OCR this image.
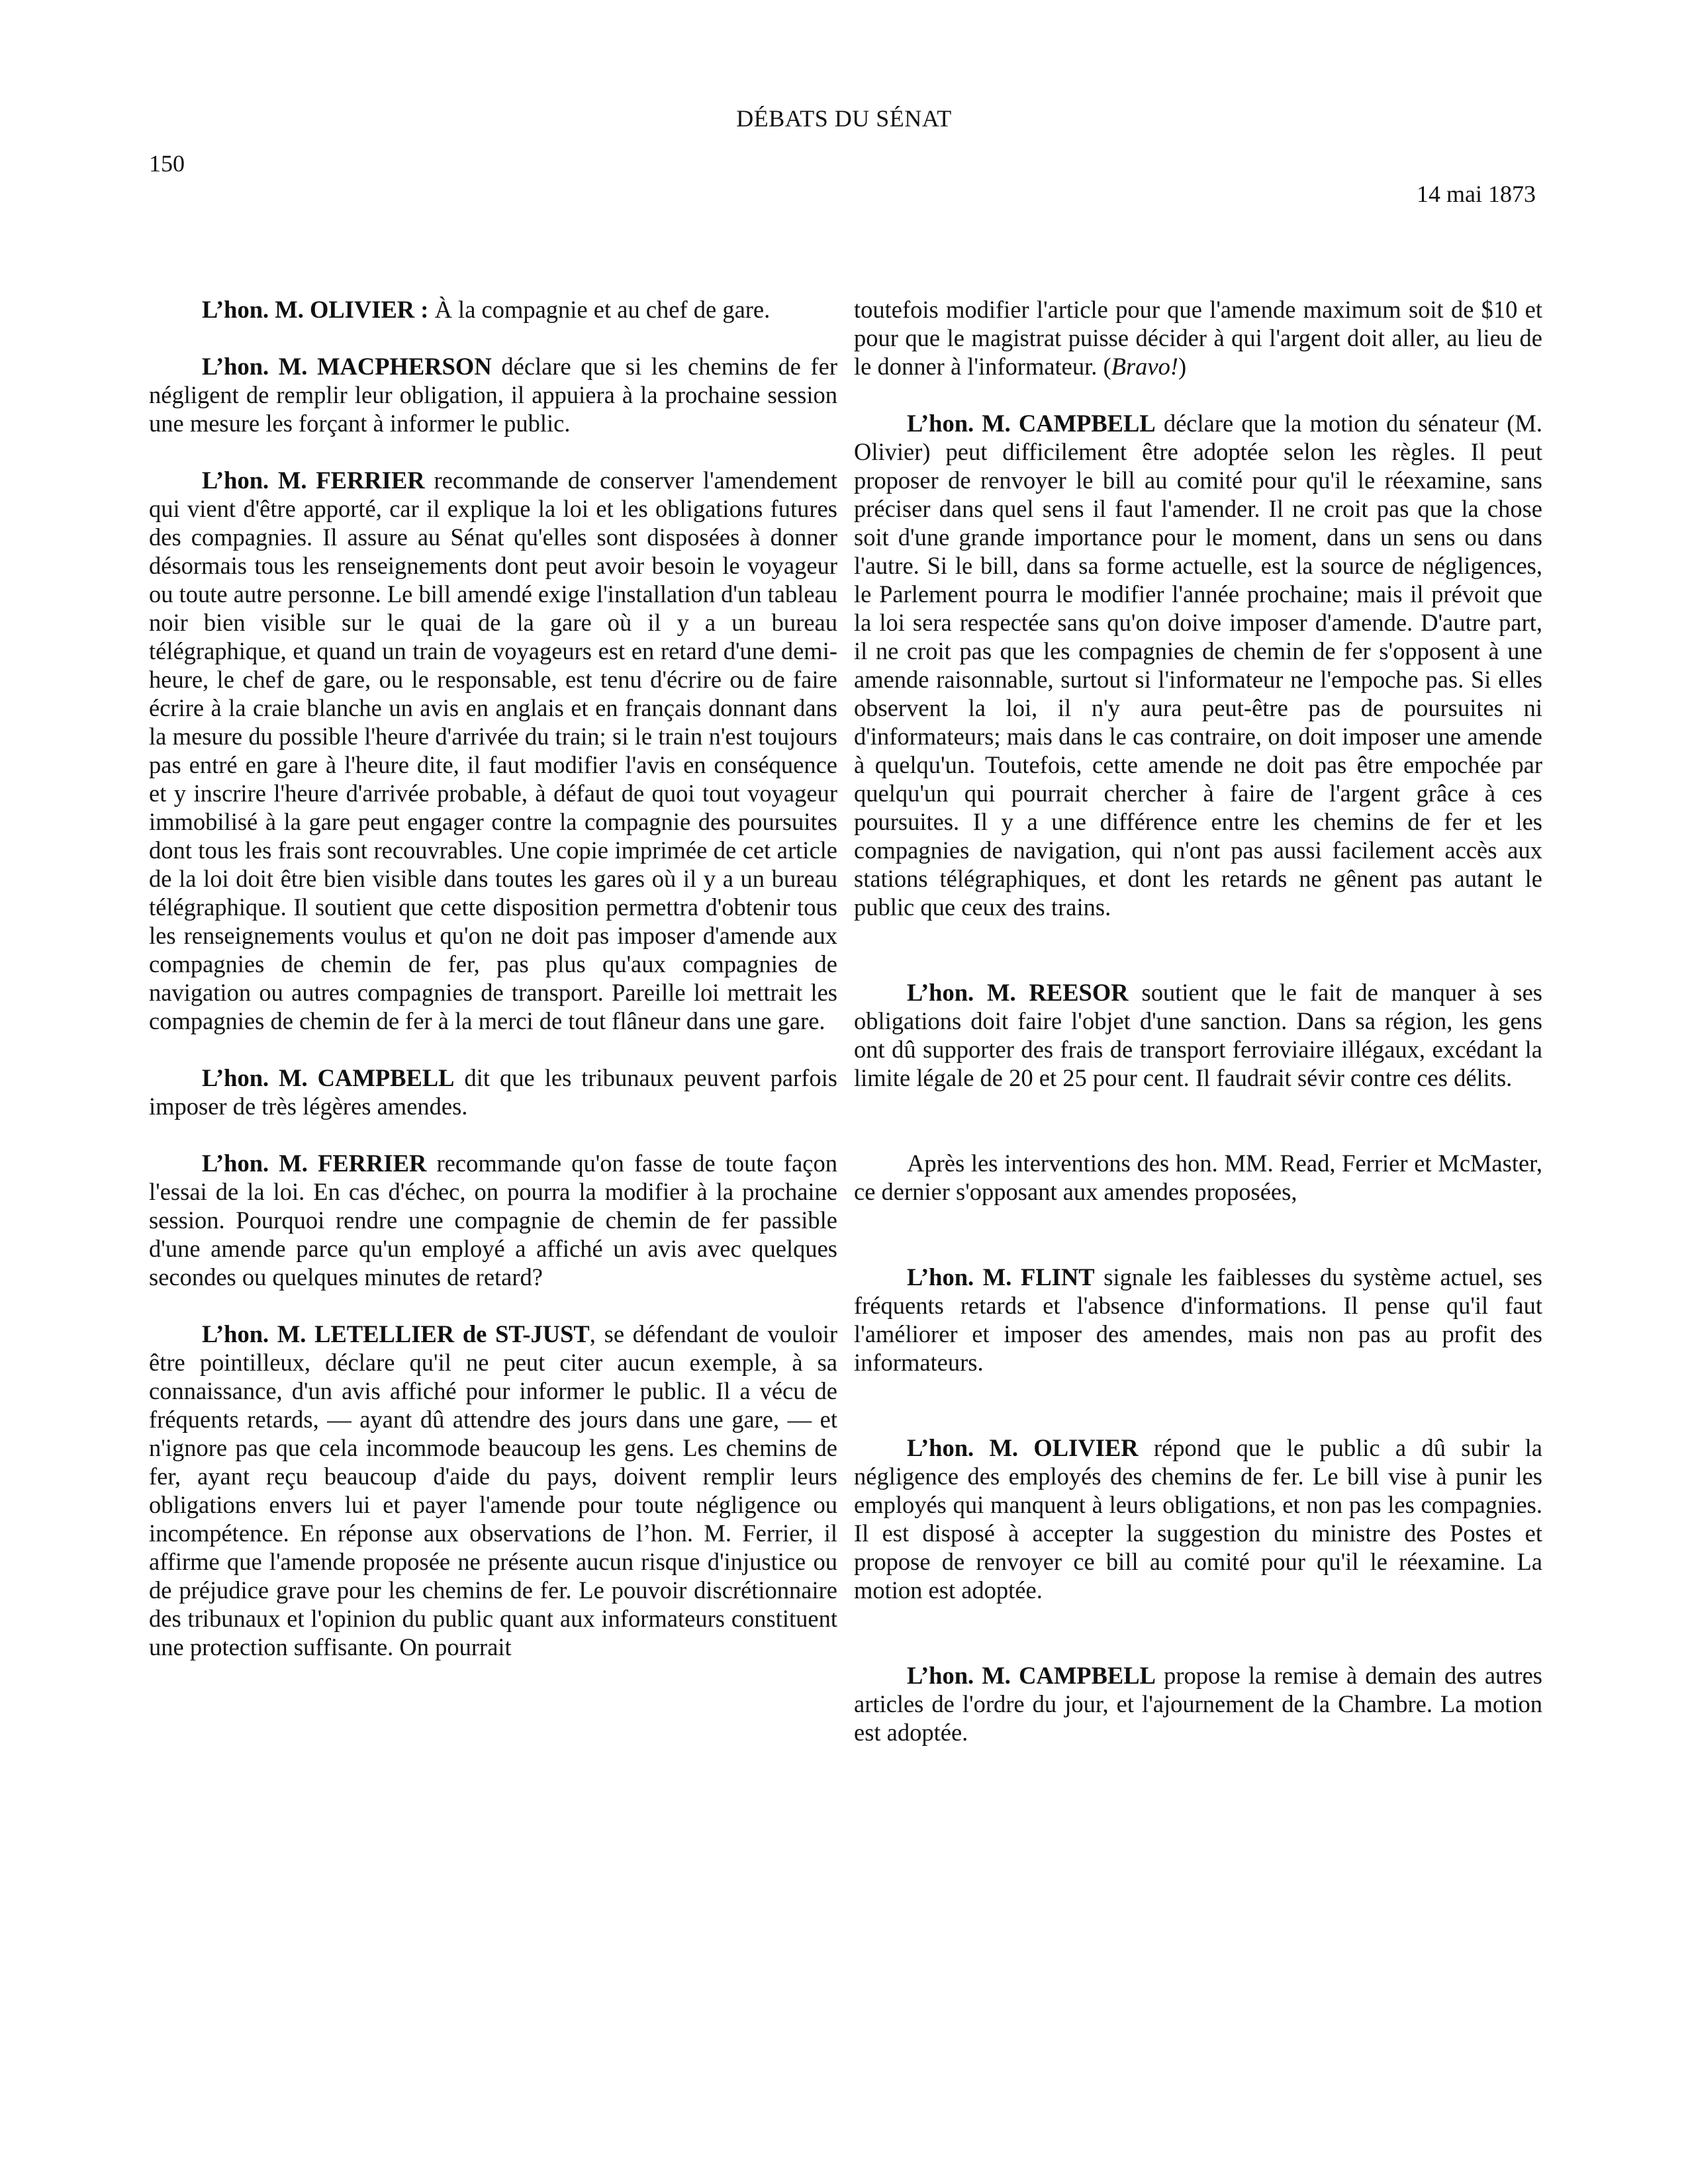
DÉBATS DU SÉNAT
150
14 mai 1873

L’hon. M. OLIVIER : À la compagnie et au chef de gare.

L’hon. M. MACPHERSON déclare que si les chemins de fer négligent de remplir leur obligation, il appuiera à la prochaine session une mesure les forçant à informer le public.

L’hon. M. FERRIER recommande de conserver l'amendement qui vient d'être apporté, car il explique la loi et les obligations futures des compagnies. Il assure au Sénat qu'elles sont disposées à donner désormais tous les renseignements dont peut avoir besoin le voyageur ou toute autre personne. Le bill amendé exige l'installation d'un tableau noir bien visible sur le quai de la gare où il y a un bureau télégraphique, et quand un train de voyageurs est en retard d'une demi-heure, le chef de gare, ou le responsable, est tenu d'écrire ou de faire écrire à la craie blanche un avis en anglais et en français donnant dans la mesure du possible l'heure d'arrivée du train; si le train n'est toujours pas entré en gare à l'heure dite, il faut modifier l'avis en conséquence et y inscrire l'heure d'arrivée probable, à défaut de quoi tout voyageur immobilisé à la gare peut engager contre la compagnie des poursuites dont tous les frais sont recouvrables. Une copie imprimée de cet article de la loi doit être bien visible dans toutes les gares où il y a un bureau télégraphique. Il soutient que cette disposition permettra d'obtenir tous les renseignements voulus et qu'on ne doit pas imposer d'amende aux compagnies de chemin de fer, pas plus qu'aux compagnies de navigation ou autres compagnies de transport. Pareille loi mettrait les compagnies de chemin de fer à la merci de tout flâneur dans une gare.

L’hon. M. CAMPBELL dit que les tribunaux peuvent parfois imposer de très légères amendes.

L’hon. M. FERRIER recommande qu'on fasse de toute façon l'essai de la loi. En cas d'échec, on pourra la modifier à la prochaine session. Pourquoi rendre une compagnie de chemin de fer passible d'une amende parce qu'un employé a affiché un avis avec quelques secondes ou quelques minutes de retard?

L’hon. M. LETELLIER de ST-JUST, se défendant de vouloir être pointilleux, déclare qu'il ne peut citer aucun exemple, à sa connaissance, d'un avis affiché pour informer le public. Il a vécu de fréquents retards, — ayant dû attendre des jours dans une gare, — et n'ignore pas que cela incommode beaucoup les gens. Les chemins de fer, ayant reçu beaucoup d'aide du pays, doivent remplir leurs obligations envers lui et payer l'amende pour toute négligence ou incompétence. En réponse aux observations de l’hon. M. Ferrier, il affirme que l'amende proposée ne présente aucun risque d'injustice ou de préjudice grave pour les chemins de fer. Le pouvoir discrétionnaire des tribunaux et l'opinion du public quant aux informateurs constituent une protection suffisante. On pourrait

toutefois modifier l'article pour que l'amende maximum soit de $10 et pour que le magistrat puisse décider à qui l'argent doit aller, au lieu de le donner à l'informateur. (Bravo!)

L’hon. M. CAMPBELL déclare que la motion du sénateur (M. Olivier) peut difficilement être adoptée selon les règles. Il peut proposer de renvoyer le bill au comité pour qu'il le réexamine, sans préciser dans quel sens il faut l'amender. Il ne croit pas que la chose soit d'une grande importance pour le moment, dans un sens ou dans l'autre. Si le bill, dans sa forme actuelle, est la source de négligences, le Parlement pourra le modifier l'année prochaine; mais il prévoit que la loi sera respectée sans qu'on doive imposer d'amende. D'autre part, il ne croit pas que les compagnies de chemin de fer s'opposent à une amende raisonnable, surtout si l'informateur ne l'empoche pas. Si elles observent la loi, il n'y aura peut-être pas de poursuites ni d'informateurs; mais dans le cas contraire, on doit imposer une amende à quelqu'un. Toutefois, cette amende ne doit pas être empochée par quelqu'un qui pourrait chercher à faire de l'argent grâce à ces poursuites. Il y a une différence entre les chemins de fer et les compagnies de navigation, qui n'ont pas aussi facilement accès aux stations télégraphiques, et dont les retards ne gênent pas autant le public que ceux des trains.

L’hon. M. REESOR soutient que le fait de manquer à ses obligations doit faire l'objet d'une sanction. Dans sa région, les gens ont dû supporter des frais de transport ferroviaire illégaux, excédant la limite légale de 20 et 25 pour cent. Il faudrait sévir contre ces délits.

Après les interventions des hon. MM. Read, Ferrier et McMaster, ce dernier s'opposant aux amendes proposées,

L’hon. M. FLINT signale les faiblesses du système actuel, ses fréquents retards et l'absence d'informations. Il pense qu'il faut l'améliorer et imposer des amendes, mais non pas au profit des informateurs.

L’hon. M. OLIVIER répond que le public a dû subir la négligence des employés des chemins de fer. Le bill vise à punir les employés qui manquent à leurs obligations, et non pas les compagnies. Il est disposé à accepter la suggestion du ministre des Postes et propose de renvoyer ce bill au comité pour qu'il le réexamine. La motion est adoptée.

L’hon. M. CAMPBELL propose la remise à demain des autres articles de l'ordre du jour, et l'ajournement de la Chambre. La motion est adoptée.
